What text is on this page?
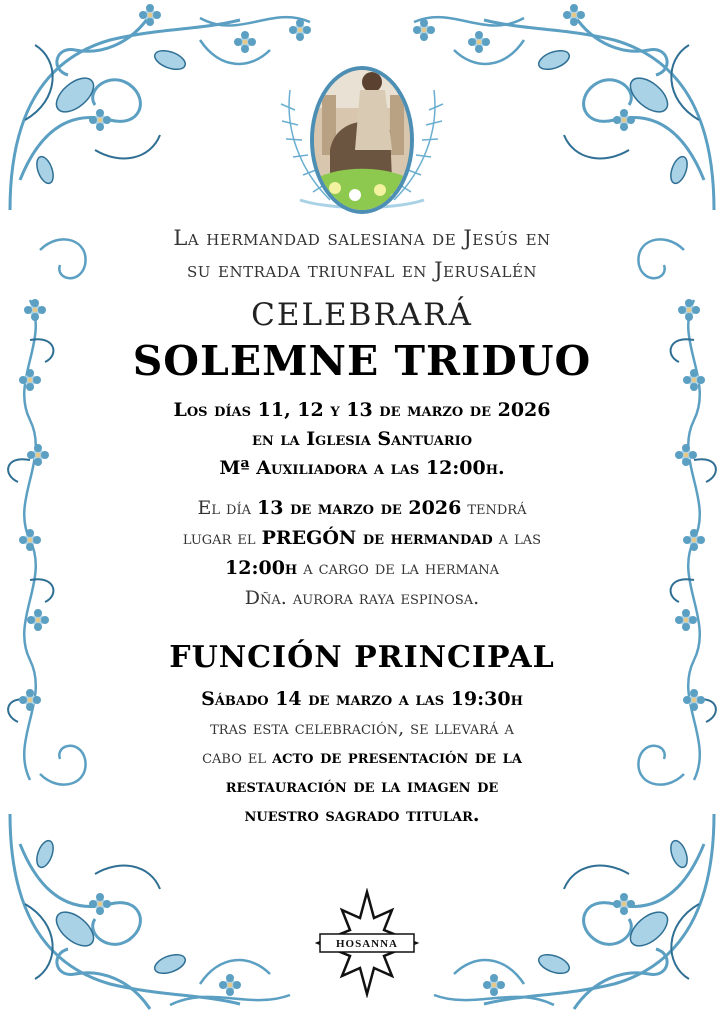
La hermandad salesiana de Jesús en
su entrada triunfal en Jerusalén
CELEBRARÁ
SOLEMNE TRIDUO
Los días 11, 12 y 13 de marzo de 2026
en la Iglesia Santuario
Mª Auxiliadora a las 12:00h.
El día 13 de marzo de 2026 tendrá
lugar el PREGÓN de hermandad a las
12:00h a cargo de la hermana
Dña. aurora raya espinosa.
FUNCIÓN PRINCIPAL
Sábado 14 de marzo a las 19:30h
tras esta celebración, se llevará a
cabo el acto de presentación de la
restauración de la imagen de
nuestro sagrado titular.
HOSANNA
